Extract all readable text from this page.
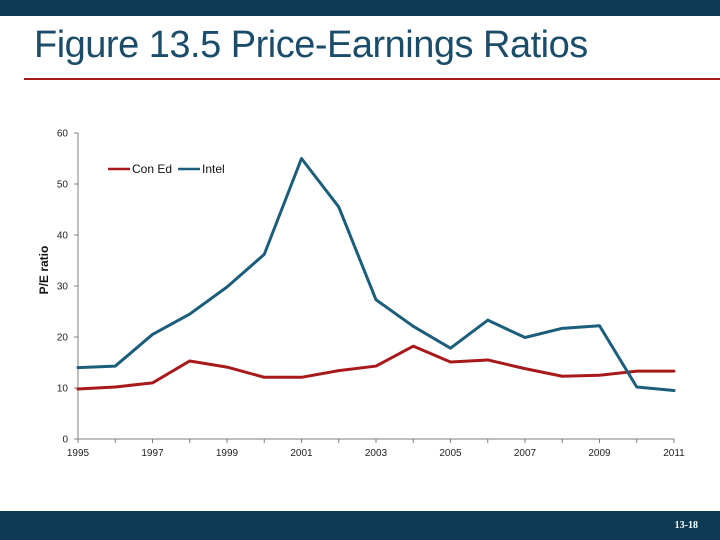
Figure 13.5 Price-Earnings Ratios
0
10
20
30
40
50
60
1995	1997	1999	2001	2003	2005	2007	2009	2011
P/E ratio
Con Ed Intel
13-18
